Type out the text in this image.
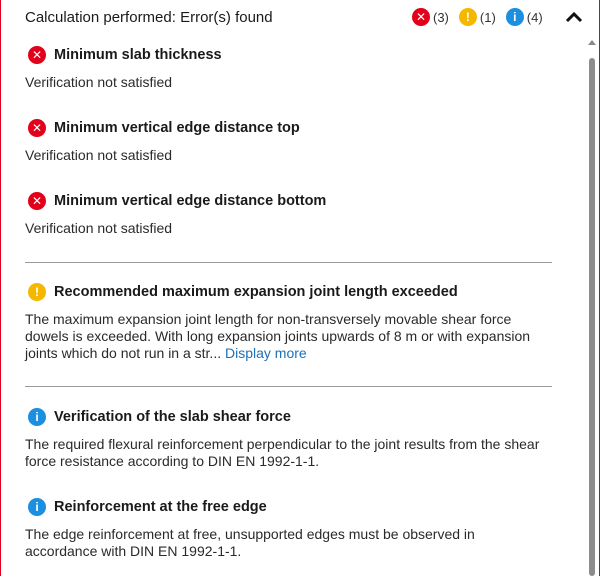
Calculation performed: Error(s) found	✕ (3)	! (1)	i (4)
✕ Minimum slab thickness
Verification not satisfied
✕ Minimum vertical edge distance top
Verification not satisfied
✕ Minimum vertical edge distance bottom
Verification not satisfied
!	Recommended maximum expansion joint length exceeded
The maximum expansion joint length for non-transversely movable shear force dowels is exceeded. With long expansion joints upwards of 8 m or with expansion joints which do not run in a str... Display more
i	Verification of the slab shear force
The required flexural reinforcement perpendicular to the joint results from the shear force resistance according to DIN EN 1992-1-1.
i	Reinforcement at the free edge
The edge reinforcement at free, unsupported edges must be observed in accordance with DIN EN 1992-1-1.
